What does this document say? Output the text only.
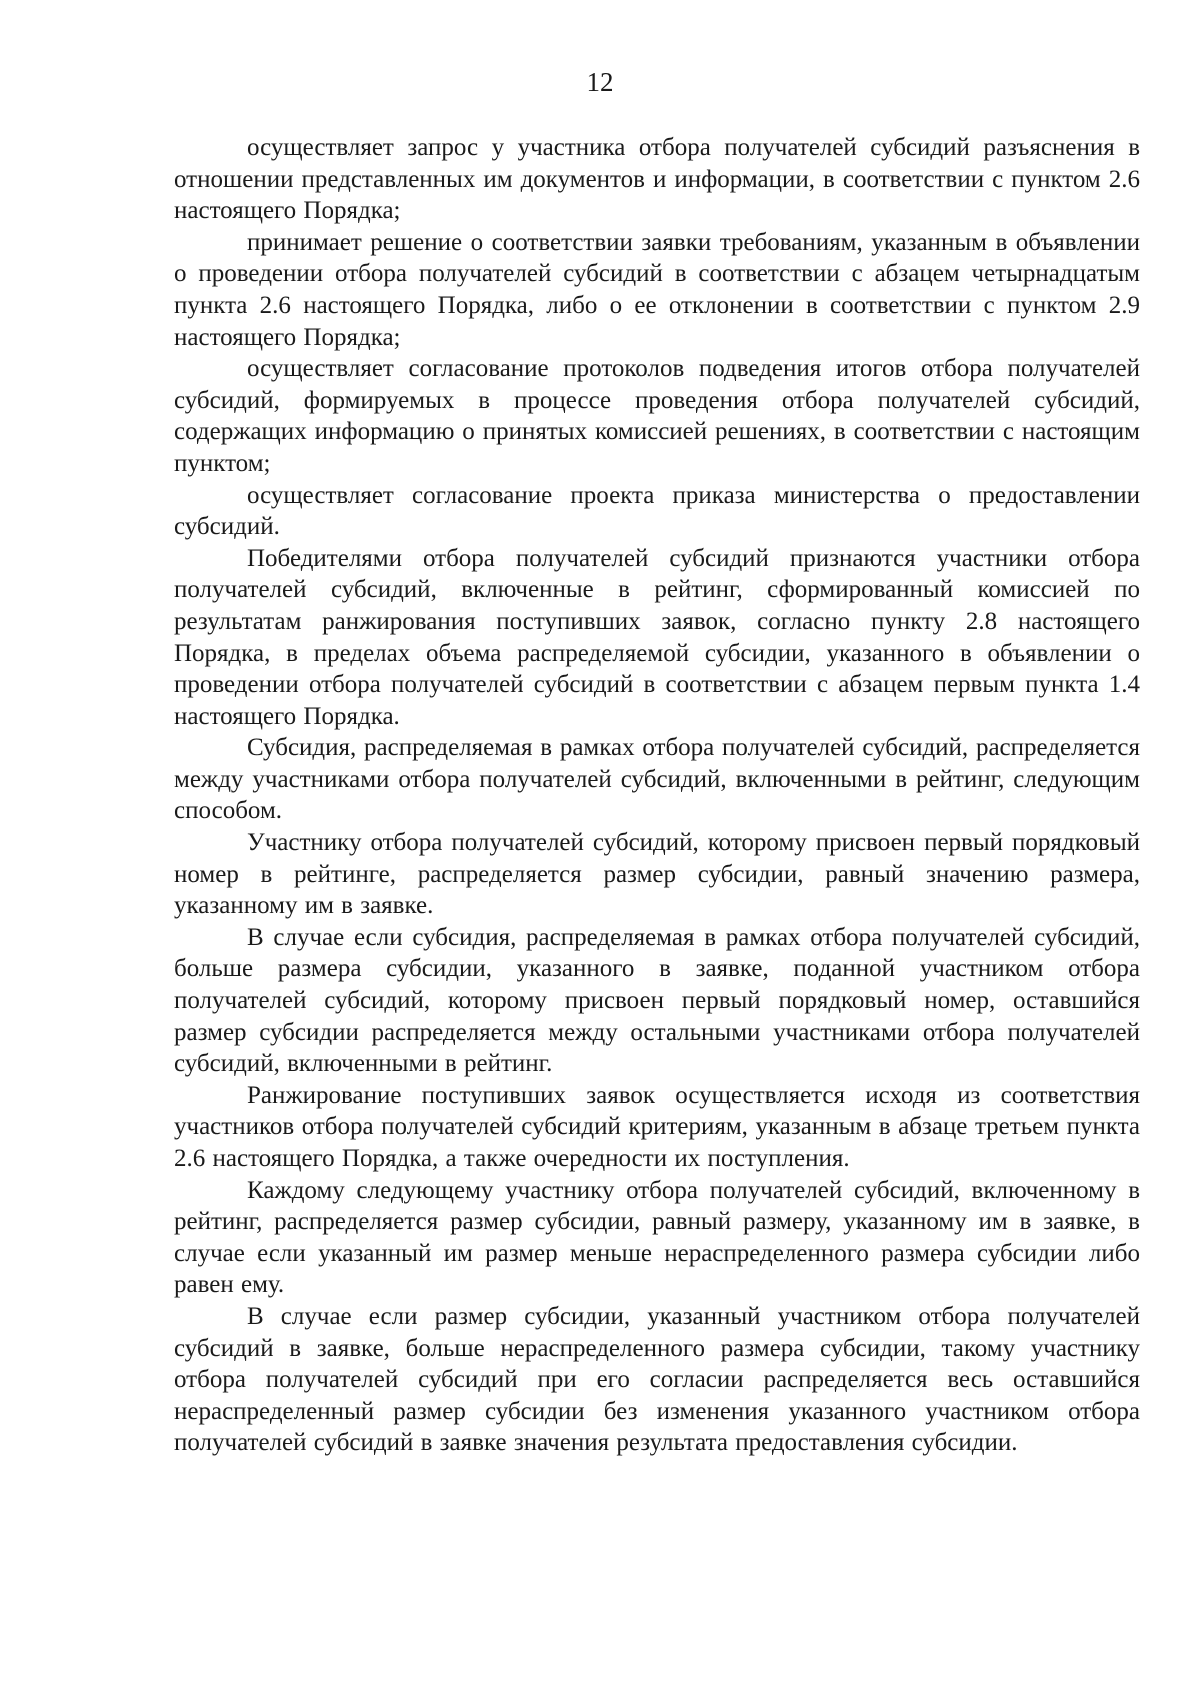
12

осуществляет запрос у участника отбора получателей субсидий разъяснения в отношении представленных им документов и информации, в соответствии с пунктом 2.6 настоящего Порядка;

принимает решение о соответствии заявки требованиям, указанным в объявлении о проведении отбора получателей субсидий в соответствии с абзацем четырнадцатым пункта 2.6 настоящего Порядка, либо о ее отклонении в соответствии с пунктом 2.9 настоящего Порядка;

осуществляет согласование протоколов подведения итогов отбора получателей субсидий, формируемых в процессе проведения отбора получателей субсидий, содержащих информацию о принятых комиссией решениях, в соответствии с настоящим пунктом;

осуществляет согласование проекта приказа министерства о предоставлении субсидий.

Победителями отбора получателей субсидий признаются участники отбора получателей субсидий, включенные в рейтинг, сформированный комиссией по результатам ранжирования поступивших заявок, согласно пункту 2.8 настоящего Порядка, в пределах объема распределяемой субсидии, указанного в объявлении о проведении отбора получателей субсидий в соответствии с абзацем первым пункта 1.4 настоящего Порядка.

Субсидия, распределяемая в рамках отбора получателей субсидий, распределяется между участниками отбора получателей субсидий, включенными в рейтинг, следующим способом.

Участнику отбора получателей субсидий, которому присвоен первый порядковый номер в рейтинге, распределяется размер субсидии, равный значению размера, указанному им в заявке.

В случае если субсидия, распределяемая в рамках отбора получателей субсидий, больше размера субсидии, указанного в заявке, поданной участником отбора получателей субсидий, которому присвоен первый порядковый номер, оставшийся размер субсидии распределяется между остальными участниками отбора получателей субсидий, включенными в рейтинг.

Ранжирование поступивших заявок осуществляется исходя из соответствия участников отбора получателей субсидий критериям, указанным в абзаце третьем пункта 2.6 настоящего Порядка, а также очередности их поступления.

Каждому следующему участнику отбора получателей субсидий, включенному в рейтинг, распределяется размер субсидии, равный размеру, указанному им в заявке, в случае если указанный им размер меньше нераспределенного размера субсидии либо равен ему.

В случае если размер субсидии, указанный участником отбора получателей субсидий в заявке, больше нераспределенного размера субсидии, такому участнику отбора получателей субсидий при его согласии распределяется весь оставшийся нераспределенный размер субсидии без изменения указанного участником отбора получателей субсидий в заявке значения результата предоставления субсидии.
